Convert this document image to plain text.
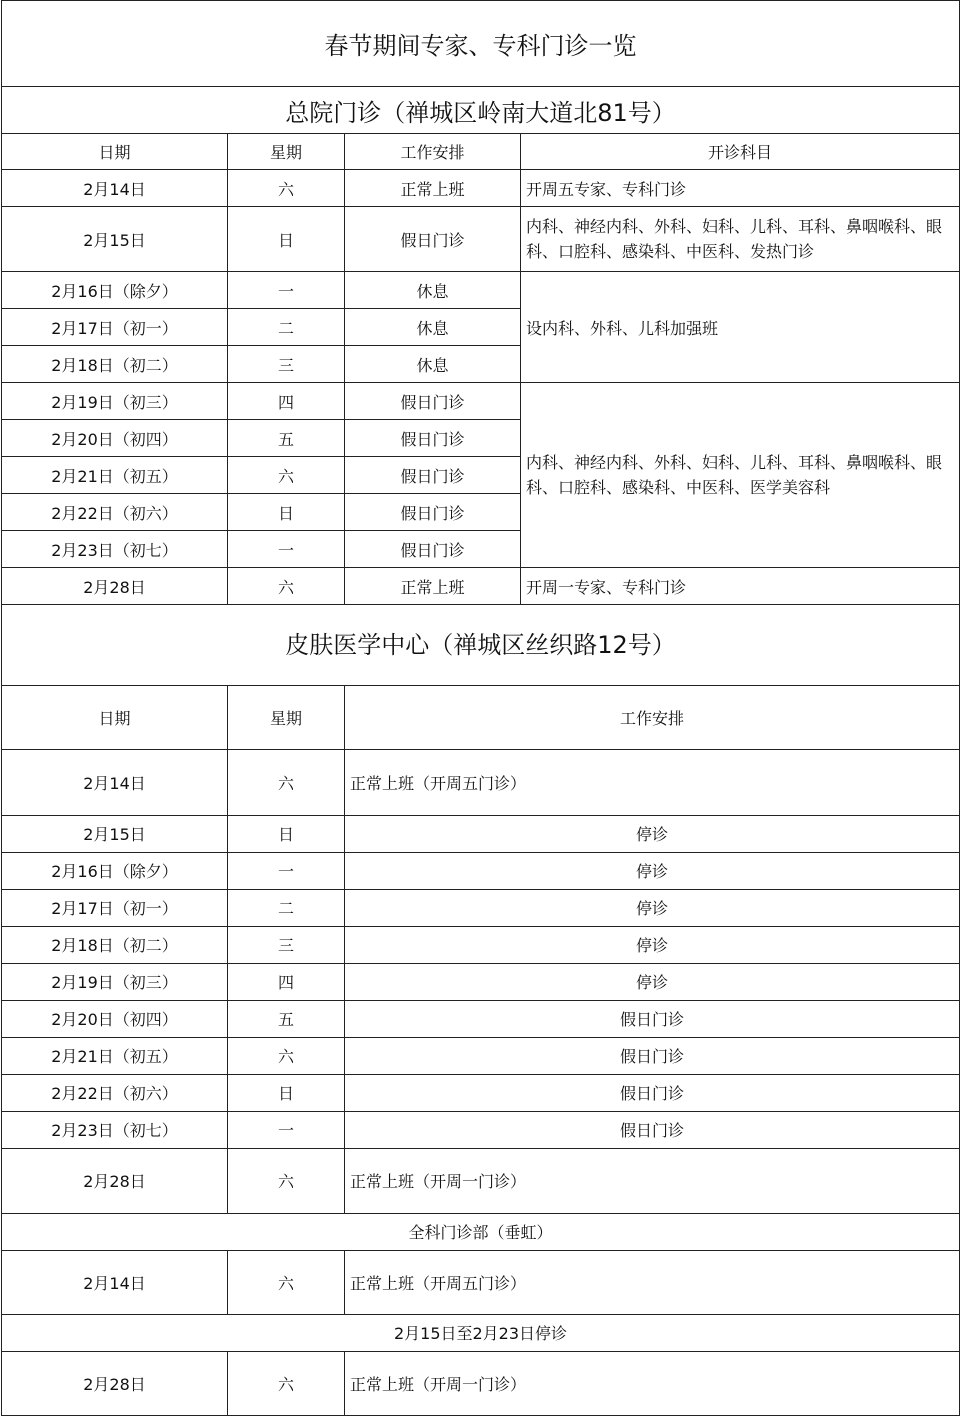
春节期间专家、专科门诊一览			
总院门诊（禅城区岭南大道北81号）			
日期	星期	工作安排	开诊科目
2月14日	六	正常上班	开周五专家、专科门诊
2月15日	日	假日门诊	内科、神经内科、外科、妇科、儿科、耳科、鼻咽喉科、眼科、口腔科、感染科、中医科、发热门诊
2月16日（除夕）	一	休息	设内科、外科、儿科加强班
2月17日（初一）	二	休息	
2月18日（初二）	三	休息	
2月19日（初三）	四	假日门诊	内科、神经内科、外科、妇科、儿科、耳科、鼻咽喉科、眼科、口腔科、感染科、中医科、医学美容科
2月20日（初四）	五	假日门诊	
2月21日（初五）	六	假日门诊	
2月22日（初六）	日	假日门诊	
2月23日（初七）	一	假日门诊	
2月28日	六	正常上班	开周一专家、专科门诊
皮肤医学中心（禅城区丝织路12号）		
日期	星期	工作安排
2月14日	六	正常上班（开周五门诊）
2月15日	日	停诊
2月16日（除夕）	一	停诊
2月17日（初一）	二	停诊
2月18日（初二）	三	停诊
2月19日（初三）	四	停诊
2月20日（初四）	五	假日门诊
2月21日（初五）	六	假日门诊
2月22日（初六）	日	假日门诊
2月23日（初七）	一	假日门诊
2月28日	六	正常上班（开周一门诊）
全科门诊部（垂虹）		
2月14日	六	正常上班（开周五门诊）
2月15日至2月23日停诊		
2月28日	六	正常上班（开周一门诊）
